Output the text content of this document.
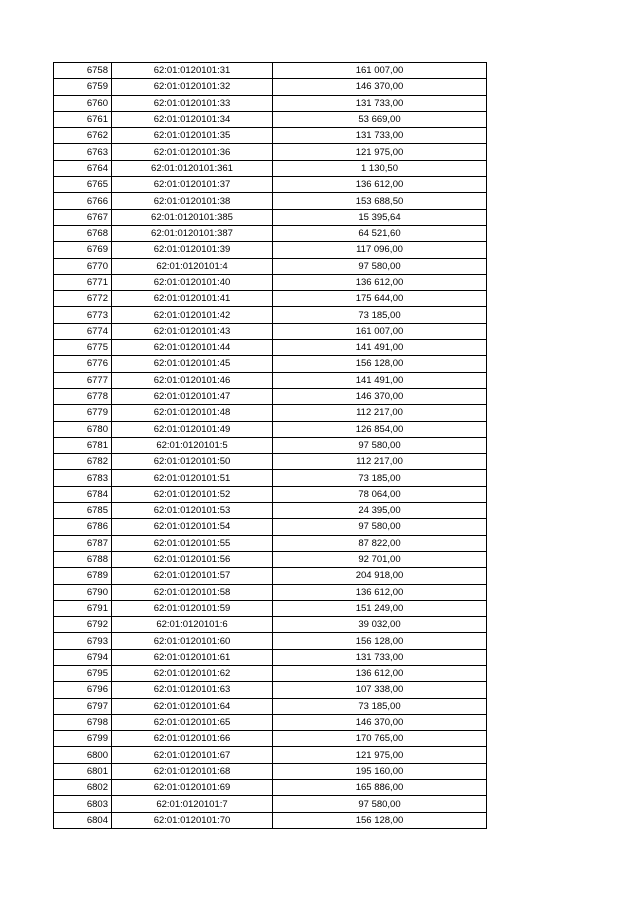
6758	62:01:0120101:31	161 007,00
6759	62:01:0120101:32	146 370,00
6760	62:01:0120101:33	131 733,00
6761	62:01:0120101:34	53 669,00
6762	62:01:0120101:35	131 733,00
6763	62:01:0120101:36	121 975,00
6764	62:01:0120101:361	1 130,50
6765	62:01:0120101:37	136 612,00
6766	62:01:0120101:38	153 688,50
6767	62:01:0120101:385	15 395,64
6768	62:01:0120101:387	64 521,60
6769	62:01:0120101:39	117 096,00
6770	62:01:0120101:4	97 580,00
6771	62:01:0120101:40	136 612,00
6772	62:01:0120101:41	175 644,00
6773	62:01:0120101:42	73 185,00
6774	62:01:0120101:43	161 007,00
6775	62:01:0120101:44	141 491,00
6776	62:01:0120101:45	156 128,00
6777	62:01:0120101:46	141 491,00
6778	62:01:0120101:47	146 370,00
6779	62:01:0120101:48	112 217,00
6780	62:01:0120101:49	126 854,00
6781	62:01:0120101:5	97 580,00
6782	62:01:0120101:50	112 217,00
6783	62:01:0120101:51	73 185,00
6784	62:01:0120101:52	78 064,00
6785	62:01:0120101:53	24 395,00
6786	62:01:0120101:54	97 580,00
6787	62:01:0120101:55	87 822,00
6788	62:01:0120101:56	92 701,00
6789	62:01:0120101:57	204 918,00
6790	62:01:0120101:58	136 612,00
6791	62:01:0120101:59	151 249,00
6792	62:01:0120101:6	39 032,00
6793	62:01:0120101:60	156 128,00
6794	62:01:0120101:61	131 733,00
6795	62:01:0120101:62	136 612,00
6796	62:01:0120101:63	107 338,00
6797	62:01:0120101:64	73 185,00
6798	62:01:0120101:65	146 370,00
6799	62:01:0120101:66	170 765,00
6800	62:01:0120101:67	121 975,00
6801	62:01:0120101:68	195 160,00
6802	62:01:0120101:69	165 886,00
6803	62:01:0120101:7	97 580,00
6804	62:01:0120101:70	156 128,00
